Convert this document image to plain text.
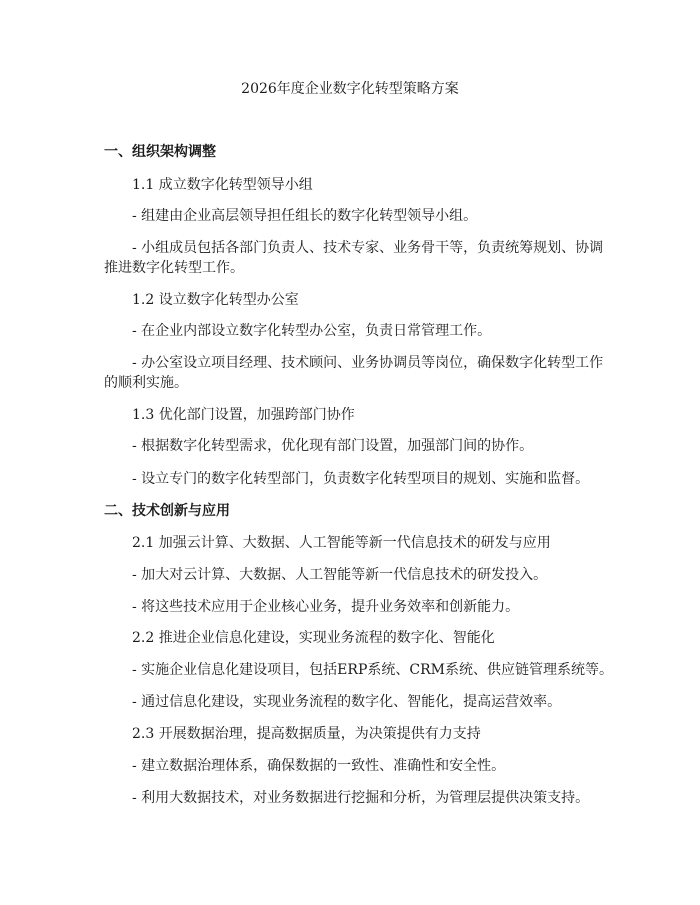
2026年度企业数字化转型策略方案
一、组织架构调整
1.1 成立数字化转型领导小组
- 组建由企业高层领导担任组长的数字化转型领导小组。
- 小组成员包括各部门负责人、技术专家、业务骨干等，负责统筹规划、协调
推进数字化转型工作。
1.2 设立数字化转型办公室
- 在企业内部设立数字化转型办公室，负责日常管理工作。
- 办公室设立项目经理、技术顾问、业务协调员等岗位，确保数字化转型工作
的顺利实施。
1.3 优化部门设置，加强跨部门协作
- 根据数字化转型需求，优化现有部门设置，加强部门间的协作。
- 设立专门的数字化转型部门，负责数字化转型项目的规划、实施和监督。
二、技术创新与应用
2.1 加强云计算、大数据、人工智能等新一代信息技术的研发与应用
- 加大对云计算、大数据、人工智能等新一代信息技术的研发投入。
- 将这些技术应用于企业核心业务，提升业务效率和创新能力。
2.2 推进企业信息化建设，实现业务流程的数字化、智能化
- 实施企业信息化建设项目，包括ERP系统、CRM系统、供应链管理系统等。
- 通过信息化建设，实现业务流程的数字化、智能化，提高运营效率。
2.3 开展数据治理，提高数据质量，为决策提供有力支持
- 建立数据治理体系，确保数据的一致性、准确性和安全性。
- 利用大数据技术，对业务数据进行挖掘和分析，为管理层提供决策支持。
